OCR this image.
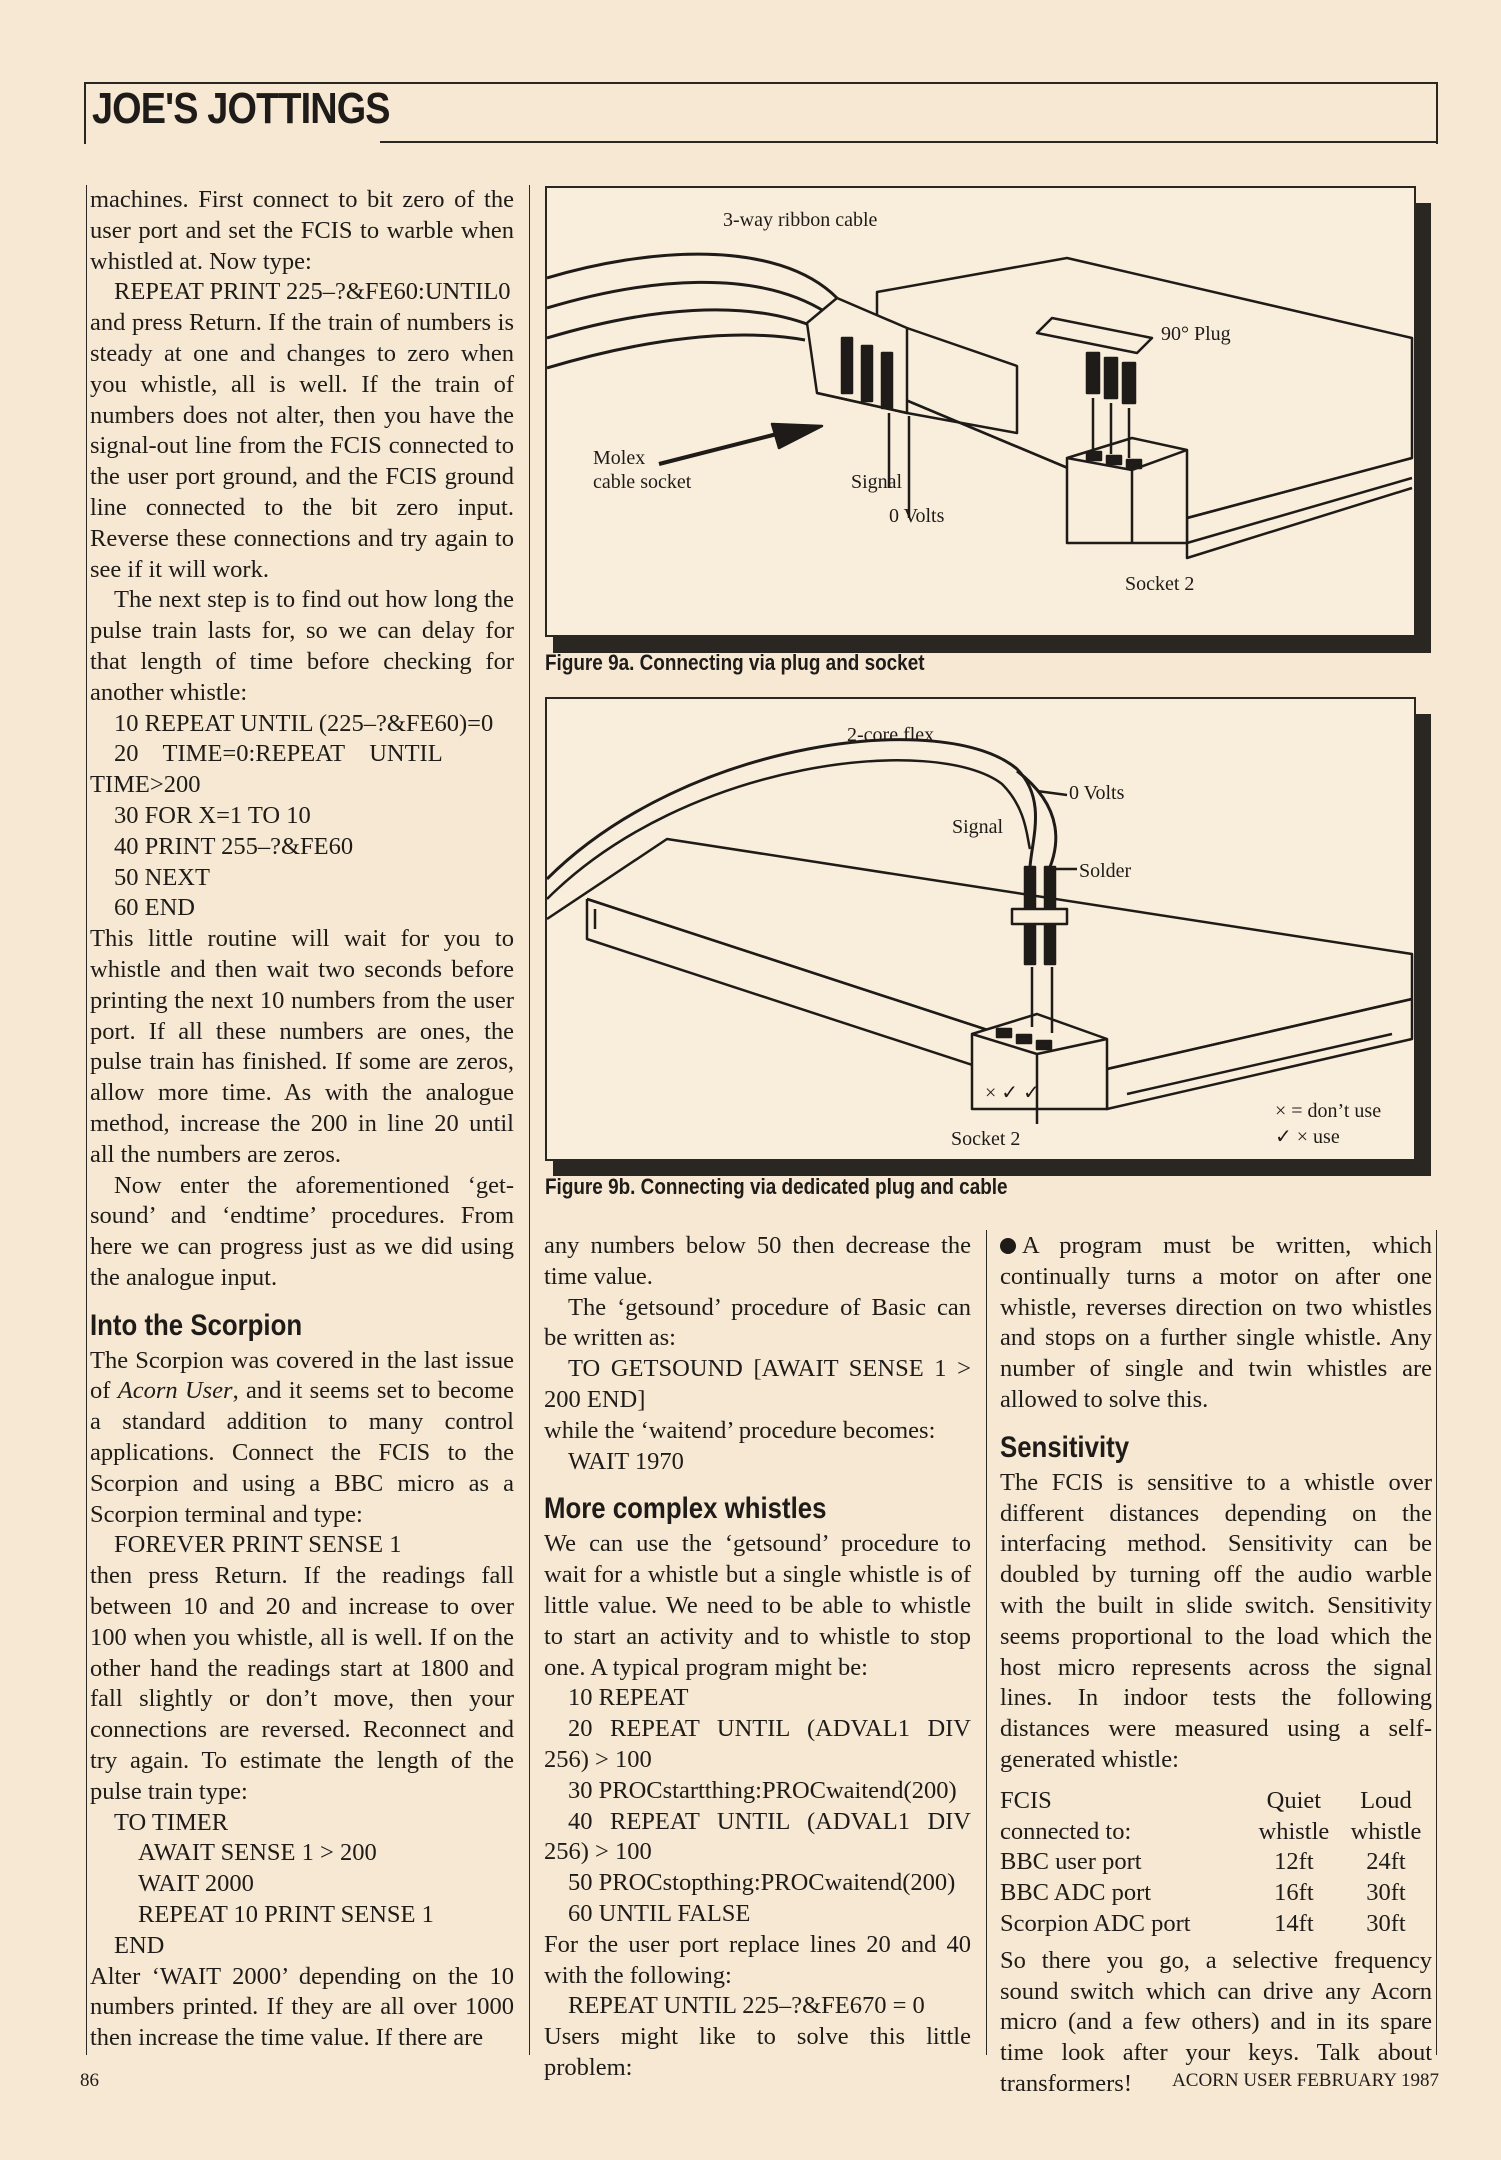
JOE'S JOTTINGS

machines. First connect to bit zero of the user port and set the FCIS to warble when whistled at. Now type:

REPEAT PRINT 225–?&FE60:UNTIL0

and press Return. If the train of numbers is steady at one and changes to zero when you whistle, all is well. If the train of numbers does not alter, then you have the signal-out line from the FCIS connected to the user port ground, and the FCIS ground line connected to the bit zero input. Reverse these connections and try again to see if it will work.

The next step is to find out how long the pulse train lasts for, so we can delay for that length of time before checking for another whistle:

10 REPEAT UNTIL (225–?&FE60)=0
20    TIME=0:REPEAT    UNTIL
TIME>200
30 FOR X=1 TO 10
40 PRINT 255–?&FE60
50 NEXT
60 END

This little routine will wait for you to whistle and then wait two seconds before printing the next 10 numbers from the user port. If all these numbers are ones, the pulse train has finished. If some are zeros, allow more time. As with the analogue method, increase the 200 in line 20 until all the numbers are zeros.

Now enter the aforementioned ‘get-sound’ and ‘endtime’ procedures. From here we can progress just as we did using the analogue input.

Into the Scorpion

The Scorpion was covered in the last issue of Acorn User, and it seems set to become a standard addition to many control applications. Connect the FCIS to the Scorpion and using a BBC micro as a Scorpion terminal and type:

FOREVER PRINT SENSE 1

then press Return. If the readings fall between 10 and 20 and increase to over 100 when you whistle, all is well. If on the other hand the readings start at 1800 and fall slightly or don’t move, then your connections are reversed. Reconnect and try again. To estimate the length of the pulse train type:

TO TIMER
AWAIT SENSE 1 > 200
WAIT 2000
REPEAT 10 PRINT SENSE 1
END

Alter ‘WAIT 2000’ depending on the 10 numbers printed. If they are all over 1000 then increase the time value. If there are

3-way ribbon cable
90° Plug
Molex
cable socket	Signal
0 Volts
Socket 2
Figure 9a. Connecting via plug and socket
2-core flex
0 Volts
Signal
Solder
× ✓ ✓
Socket 2
× = don’t use
✓ × use
Figure 9b. Connecting via dedicated plug and cable

any numbers below 50 then decrease the time value.

The ‘getsound’ procedure of Basic can be written as:

TO GETSOUND [AWAIT SENSE 1 > 200 END]

while the ‘waitend’ procedure becomes:

WAIT 1970
More complex whistles

We can use the ‘getsound’ procedure to wait for a whistle but a single whistle is of little value. We need to be able to whistle to start an activity and to whistle to stop one. A typical program might be:

10 REPEAT

20 REPEAT UNTIL (ADVAL1 DIV 256) > 100

30 PROCstartthing:PROCwaitend(200)

40 REPEAT UNTIL (ADVAL1 DIV 256) > 100

50 PROCstopthing:PROCwaitend(200)
60 UNTIL FALSE

For the user port replace lines 20 and 40 with the following:

REPEAT UNTIL 225–?&FE670 = 0

Users might like to solve this little problem:

A program must be written, which continually turns a motor on after one whistle, reverses direction on two whistles and stops on a further single whistle. Any number of single and twin whistles are allowed to solve this.

Sensitivity

The FCIS is sensitive to a whistle over different distances depending on the interfacing method. Sensitivity can be doubled by turning off the audio warble with the built in slide switch. Sensitivity seems proportional to the load which the host micro represents across the signal lines. In indoor tests the following distances were measured using a self-generated whistle:

FCIS	Quiet	Loud
connected to:	whistle	whistle
BBC user port	12ft	24ft
BBC ADC port	16ft	30ft
Scorpion ADC port	14ft	30ft

So there you go, a selective frequency sound switch which can drive any Acorn micro (and a few others) and in its spare time look after your keys. Talk about transformers!

86	ACORN USER FEBRUARY 1987
